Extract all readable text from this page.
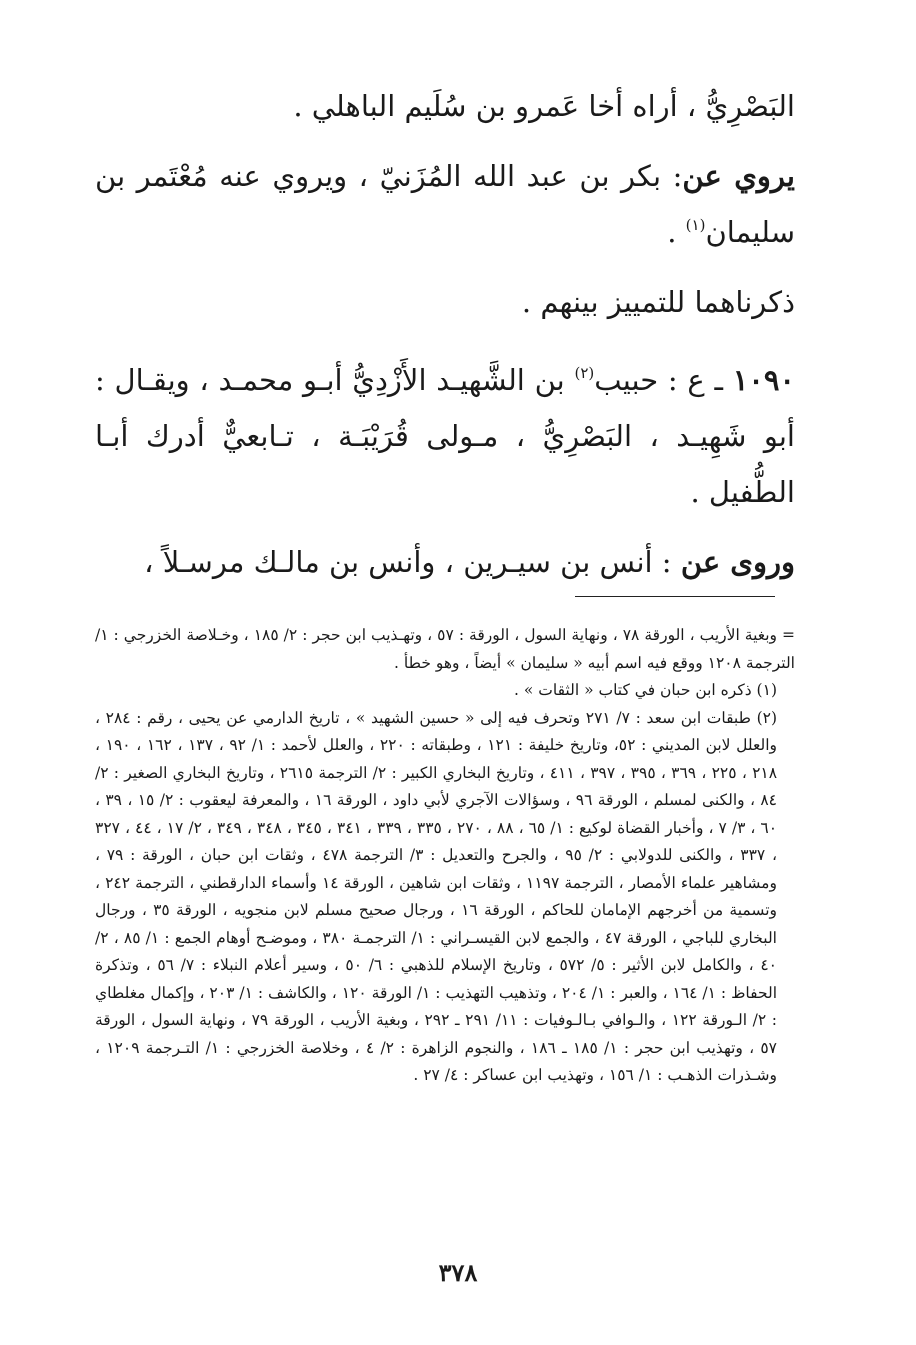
البَصْرِيُّ ، أراه أخا عَمرو بن سُلَيم الباهلي .

يروي عن: بكر بن عبد الله المُزَنيّ ، ويروي عنه مُعْتَمر بن سليمان$^{(١)}$ .

ذكرناهما للتمييز بينهم .

١٠٩٠ ـ ع : حبيب$^{(٢)}$ بن الشَّهيـد الأَزْدِيُّ أبـو محمـد ، ويقـال : أبو شَهِيـد ، البَصْرِيُّ ، مـولى قُرَيْبَـة ، تـابعيٌّ أدرك أبـا الطُّفيل .

وروى عن : أنس بن سيـرين ، وأنس بن مالـك مرسـلاً ،

= وبغية الأريب ، الورقة ٧٨ ، ونهاية السول ، الورقة : ٥٧ ، وتهـذيب ابن حجر : ٢/ ١٨٥ ، وخـلاصة الخزرجي : ١/ الترجمة ١٢٠٨ ووقع فيه اسم أبيه « سليمان » أيضاً ، وهو خطأ .

(١) ذكره ابن حبان في كتاب « الثقات » .

(٢) طبقات ابن سعد : ٧/ ٢٧١ وتحرف فيه إلى « حسين الشهيد » ، تاريخ الدارمي عن يحيى ، رقم : ٢٨٤ ، والعلل لابن المديني : ٥٢، وتاريخ خليفة : ١٢١ ، وطبقاته : ٢٢٠ ، والعلل لأحمد : ١/ ٩٢ ، ١٣٧ ، ١٦٢ ، ١٩٠ ، ٢١٨ ، ٢٢٥ ، ٣٦٩ ، ٣٩٥ ، ٣٩٧ ، ٤١١ ، وتاريخ البخاري الكبير : ٢/ الترجمة ٢٦١٥ ، وتاريخ البخاري الصغير : ٢/ ٨٤ ، والكنى لمسلم ، الورقة ٩٦ ، وسؤالات الآجري لأبي داود ، الورقة ١٦ ، والمعرفة ليعقوب : ٢/ ١٥ ، ٣٩ ، ٦٠ ، ٣/ ٧ ، وأخبار القضاة لوكيع : ١/ ٦٥ ، ٨٨ ، ٢٧٠ ، ٣٣٥ ، ٣٣٩ ، ٣٤١ ، ٣٤٥ ، ٣٤٨ ، ٣٤٩ ، ٢/ ١٧ ، ٤٤ ، ٣٢٧ ، ٣٣٧ ، والكنى للدولابي : ٢/ ٩٥ ، والجرح والتعديل : ٣/ الترجمة ٤٧٨ ، وثقات ابن حبان ، الورقة : ٧٩ ، ومشاهير علماء الأمصار ، الترجمة ١١٩٧ ، وثقات ابن شاهين ، الورقة ١٤ وأسماء الدارقطني ، الترجمة ٢٤٢ ، وتسمية من أخرجهم الإمامان للحاكم ، الورقة ١٦ ، ورجال صحيح مسلم لابن منجويه ، الورقة ٣٥ ، ورجال البخاري للباجي ، الورقة ٤٧ ، والجمع لابن القيسـراني : ١/ الترجمـة ٣٨٠ ، وموضـح أوهام الجمع : ١/ ٨٥ ، ٢/ ٤٠ ، والكامل لابن الأثير : ٥/ ٥٧٢ ، وتاريخ الإسلام للذهبي : ٦/ ٥٠ ، وسير أعلام النبلاء : ٧/ ٥٦ ، وتذكرة الحفاظ : ١/ ١٦٤ ، والعبر : ١/ ٢٠٤ ، وتذهيب التهذيب : ١/ الورقة ١٢٠ ، والكاشف : ١/ ٢٠٣ ، وإكمال مغلطاي : ٢/ الـورقة ١٢٢ ، والـوافي بـالـوفيات : ١١/ ٢٩١ ـ ٢٩٢ ، وبغية الأريب ، الورقة ٧٩ ، ونهاية السول ، الورقة ٥٧ ، وتهذيب ابن حجر : ١/ ١٨٥ ـ ١٨٦ ، والنجوم الزاهرة : ٢/ ٤ ، وخلاصة الخزرجي : ١/ التـرجمة ١٢٠٩ ، وشـذرات الذهـب : ١/ ١٥٦ ، وتهذيب ابن عساكر : ٤/ ٢٧ .

٣٧٨
